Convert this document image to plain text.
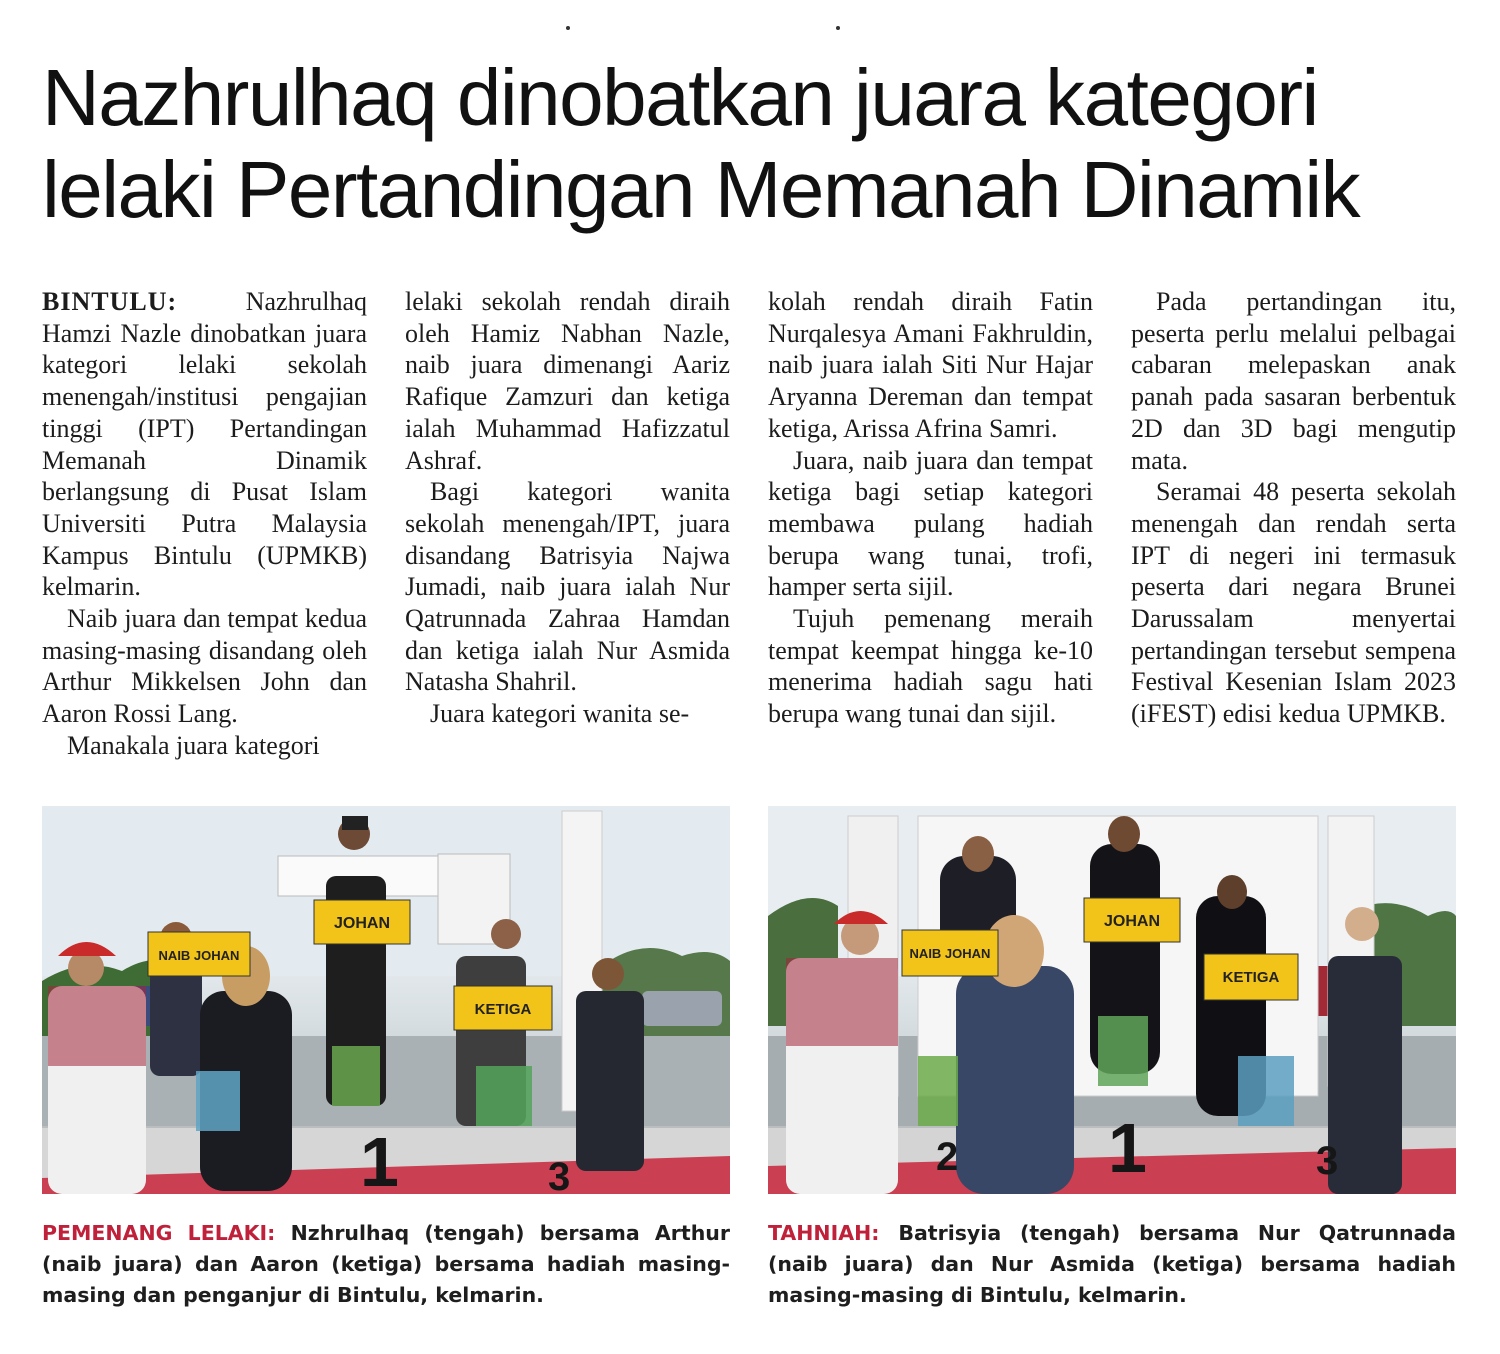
Nazhrulhaq dinobatkan juara kategori
lelaki Pertandingan Memanah Dinamik

BINTULU: Nazhrulhaq Hamzi Nazle dinobatkan juara kategori lelaki sekolah menengah/institusi pengajian tinggi (IPT) Pertandingan Memanah Dinamik berlangsung di Pusat Islam Universiti Putra Malaysia Kampus Bintulu (UPMKB) kelmarin.

Naib juara dan tempat kedua masing-masing disandang oleh Arthur Mikkelsen John dan Aaron Rossi Lang.

Manakala juara kategori

lelaki sekolah rendah diraih oleh Hamiz Nabhan Nazle, naib juara dimenangi Aariz Rafique Zamzuri dan ketiga ialah Muhammad Hafizzatul Ashraf.

Bagi kategori wanita sekolah menengah/IPT, juara disandang Batrisyia Najwa Jumadi, naib juara ialah Nur Qatrunnada Zahraa Hamdan dan ketiga ialah Nur Asmida Natasha Shahril.

Juara kategori wanita se-

kolah rendah diraih Fatin Nurqalesya Amani Fakhruldin, naib juara ialah Siti Nur Hajar Aryanna Dereman dan tempat ketiga, Arissa Afrina Samri.

Juara, naib juara dan tempat ketiga bagi setiap kategori membawa pulang hadiah berupa wang tunai, trofi, hamper serta sijil.

Tujuh pemenang meraih tempat keempat hingga ke-10 menerima hadiah sagu hati berupa wang tunai dan sijil.

Pada pertandingan itu, peserta perlu melalui pelbagai cabaran melepaskan anak panah pada sasaran berbentuk 2D dan 3D bagi mengutip mata.

Seramai 48 peserta sekolah menengah dan rendah serta IPT di negeri ini termasuk peserta dari negara Brunei Darussalam menyertai pertandingan tersebut sempena Festival Kesenian Islam 2023 (iFEST) edisi kedua UPMKB.

NAIB JOHAN
JOHAN
KETIGA
1	3
NAIB JOHAN
JOHAN
KETIGA
2 1	3

PEMENANG LELAKI: Nzhrulhaq (tengah) bersama Arthur (naib juara) dan Aaron (ketiga) bersama hadiah masing-masing dan penganjur di Bintulu, kelmarin.

TAHNIAH: Batrisyia (tengah) bersama Nur Qatrunnada (naib juara) dan Nur Asmida (ketiga) bersama hadiah masing-masing di Bintulu, kelmarin.
